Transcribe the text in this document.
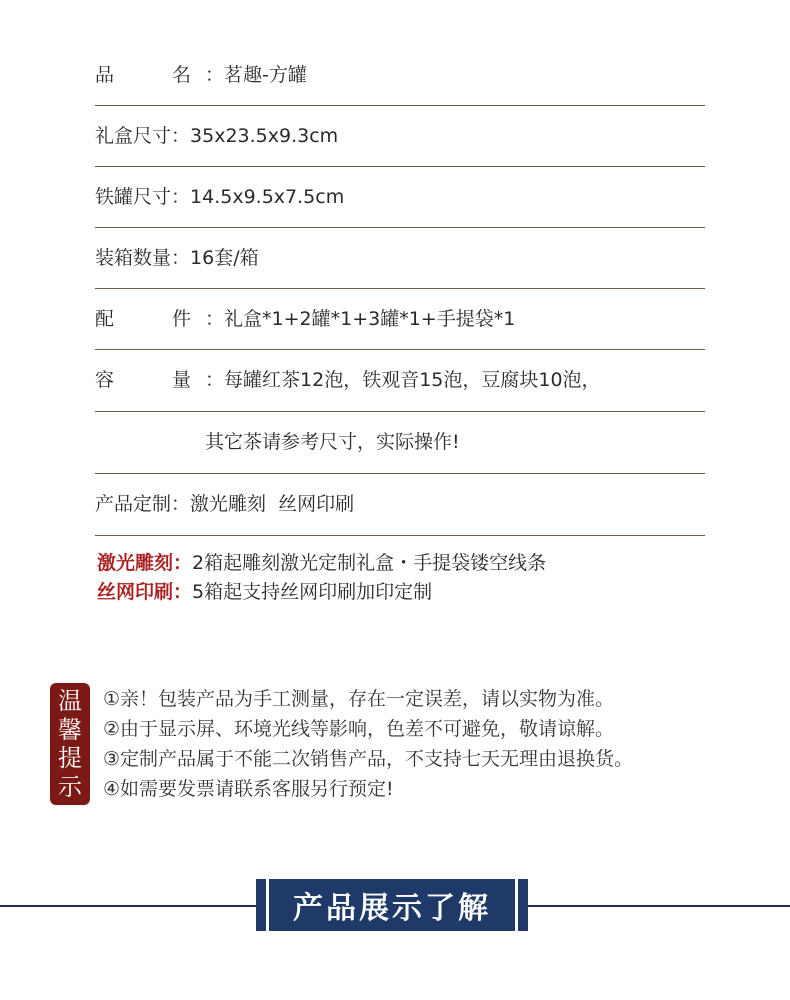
品	名 ： 茗趣-方罐
礼盒尺寸 ： 35x23.5x9.3cm
铁罐尺寸 ： 14.5x9.5x7.5cm
装箱数量 ： 16套/箱
配	件 ： 礼盒*1+2罐*1+3罐*1+手提袋*1
容	量 ： 每罐红茶12泡，铁观音15泡，豆腐块10泡，
其它茶请参考尺寸，实际操作!
产品定制 ： 激光雕刻  丝网印刷
激光雕刻：2箱起雕刻激光定制礼盒・手提袋镂空线条
丝网印刷：5箱起支持丝网印刷加印定制
温
馨
提
示
①亲！包装产品为手工测量，存在一定误差，请以实物为准。
②由于显示屏、环境光线等影响，色差不可避免，敬请谅解。
③定制产品属于不能二次销售产品，不支持七天无理由退换货。
④如需要发票请联系客服另行预定!
产品展示了解
